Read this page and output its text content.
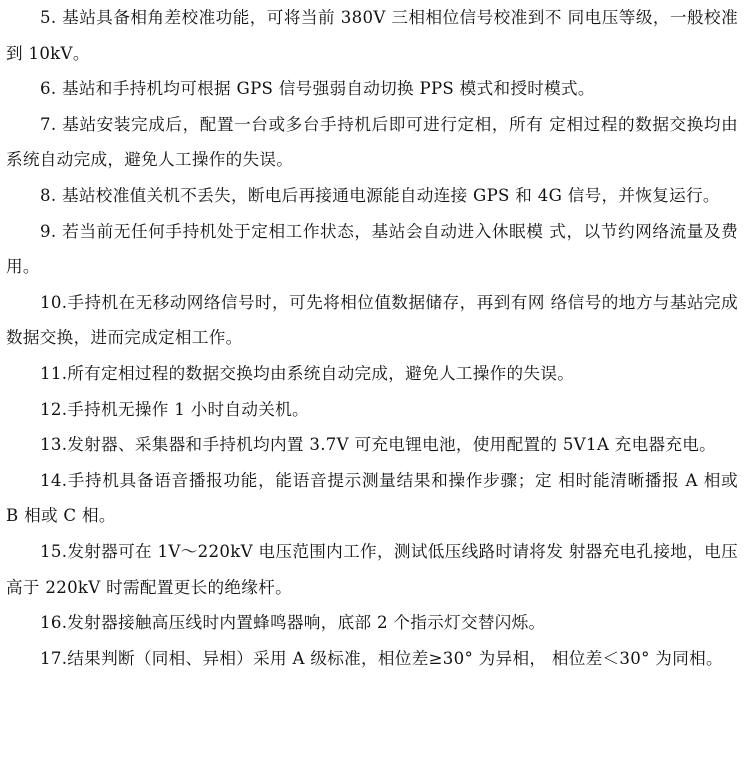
5. 基站具备相角差校准功能，可将当前 380V 三相相位信号校准到不 同电压等级，一般校准到 10kV。

6. 基站和手持机均可根据 GPS 信号强弱自动切换 PPS 模式和授时模式。

7. 基站安装完成后，配置一台或多台手持机后即可进行定相，所有 定相过程的数据交换均由系统自动完成，避免人工操作的失误。

8. 基站校准值关机不丢失，断电后再接通电源能自动连接 GPS 和 4G 信号，并恢复运行。

9. 若当前无任何手持机处于定相工作状态，基站会自动进入休眠模 式，以节约网络流量及费用。

10.手持机在无移动网络信号时，可先将相位值数据储存，再到有网 络信号的地方与基站完成数据交换，进而完成定相工作。

11.所有定相过程的数据交换均由系统自动完成，避免人工操作的失误。

12.手持机无操作 1 小时自动关机。

13.发射器、采集器和手持机均内置 3.7V 可充电锂电池，使用配置的 5V1A 充电器充电。

14.手持机具备语音播报功能，能语音提示测量结果和操作步骤；定 相时能清晰播报 A 相或 B 相或 C 相。

15.发射器可在 1V～220kV 电压范围内工作，测试低压线路时请将发 射器充电孔接地，电压高于 220kV 时需配置更长的绝缘杆。

16.发射器接触高压线时内置蜂鸣器响，底部 2 个指示灯交替闪烁。

17.结果判断（同相、异相）采用 A 级标准，相位差≥30° 为异相， 相位差＜30° 为同相。
